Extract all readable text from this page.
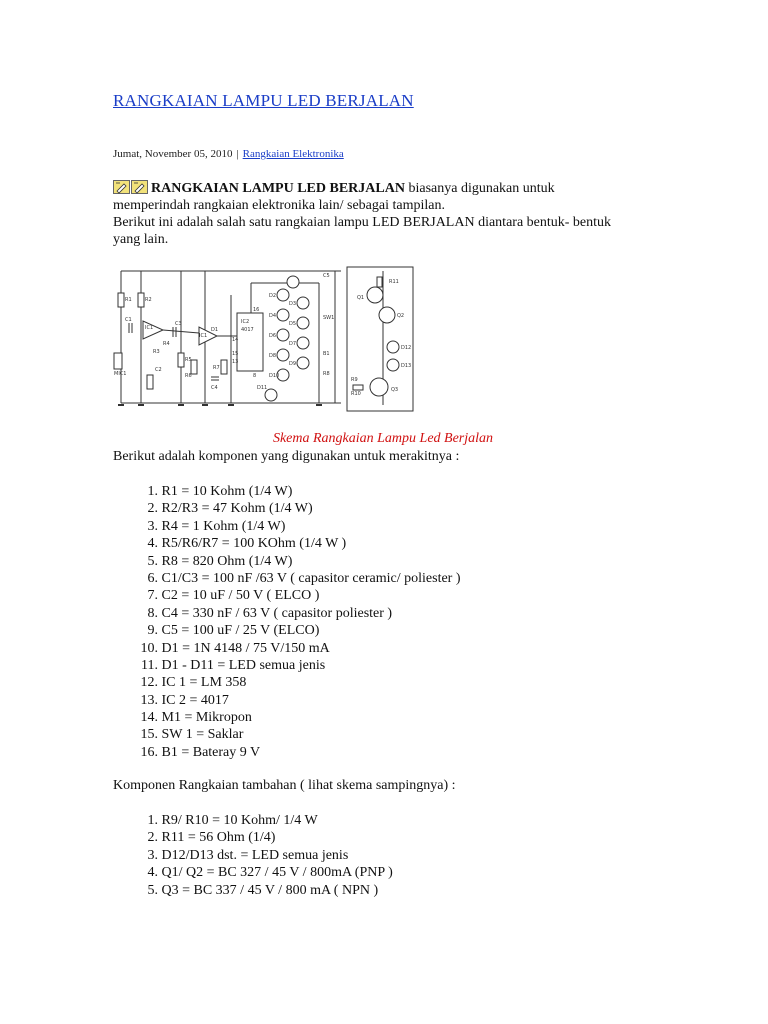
RANGKAIAN LAMPU LED BERJALAN
Jumat, November 05, 2010 | Rangkaian Elektronika
RANGKAIAN LAMPU LED BERJALAN biasanya digunakan untuk
memperindah rangkaian elektronika lain/ sebagai tampilan.
Berikut ini adalah salah satu rangkaian lampu LED BERJALAN diantara bentuk- bentuk
yang lain.
R1	R2
C1
R3
IC1
R4
C2
R5
C3
D1
IC1
R6
R7
C4
MIC1
IC2
4017
14
15
13
16
8
D2
D3
D4
D5
D6
D7
D8
D9
D10
D11
C5
SW1
B1
R8
R11
R9
Q1
Q2
D12
D13
R10
Q3
Skema Rangkaian Lampu Led Berjalan
Berikut adalah komponen yang digunakan untuk merakitnya :
1. R1 = 10 Kohm (1/4 W)
2. R2/R3 = 47 Kohm (1/4 W)
3. R4 = 1 Kohm (1/4 W)
4. R5/R6/R7 = 100 KOhm (1/4 W )
5. R8 = 820 Ohm (1/4 W)
6. C1/C3 = 100 nF /63 V ( capasitor ceramic/ poliester )
7. C2 = 10 uF / 50 V ( ELCO )
8. C4 = 330 nF / 63 V ( capasitor poliester )
9. C5 = 100 uF / 25 V (ELCO)
10. D1 = 1N 4148 / 75 V/150 mA
11. D1 - D11 = LED semua jenis
12. IC 1 = LM 358
13. IC 2 = 4017
14. M1 = Mikropon
15. SW 1 = Saklar
16. B1 = Bateray 9 V
Komponen Rangkaian tambahan ( lihat skema sampingnya) :
1. R9/ R10 = 10 Kohm/ 1/4 W
2. R11 = 56 Ohm (1/4)
3. D12/D13 dst. = LED semua jenis
4. Q1/ Q2 = BC 327 / 45 V / 800mA (PNP )
5. Q3 = BC 337 / 45 V / 800 mA ( NPN )
